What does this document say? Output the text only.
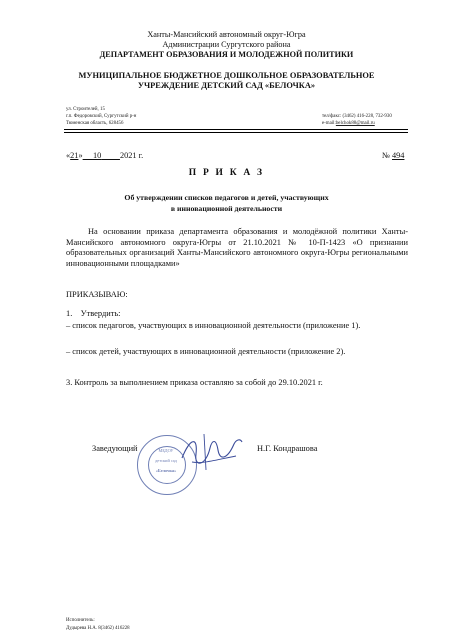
Ханты-Мансийский автономный округ-Югра
Администрации Сургутского района
ДЕПАРТАМЕНТ ОБРАЗОВАНИЯ И МОЛОДЕЖНОЙ ПОЛИТИКИ
МУНИЦИПАЛЬНОЕ БЮДЖЕТНОЕ ДОШКОЛЬНОЕ ОБРАЗОВАТЕЛЬНОЕ
УЧРЕЖДЕНИЕ ДЕТСКИЙ САД «БЕЛОЧКА»
ул. Строителей, 15
г.п. Федоровский, Сургутский р-н
Тюменская область, 628456
тел/факс: (3462) 416-228, 732-930
e-mail:belchok88@mail.ru
«21» 10 2021 г.	№ 494
П Р И К А З
Об утверждении списков педагогов и детей, участвующих
в инновационной деятельности
На основании приказа департамента образования и молодёжной политики Ханты-Мансийского автономного округа-Югры от 21.10.2021 № 10-П-1423 «О признании образовательных организаций Ханты-Мансийского автономного округа-Югры региональными инновационными площадками»
ПРИКАЗЫВАЮ:
1. Утвердить:
– список педагогов, участвующих в инновационной деятельности (приложение 1).
– список детей, участвующих в инновационной деятельности (приложение 2).
3. Контроль за выполнением приказа оставляю за собой до 29.10.2021 г.
Заведующий	Н.Г. Кондрашова
МБДОУ
детский сад
«Белочка»
Исполнитель:
Дудырева Н.А. 8(3462) 416228
